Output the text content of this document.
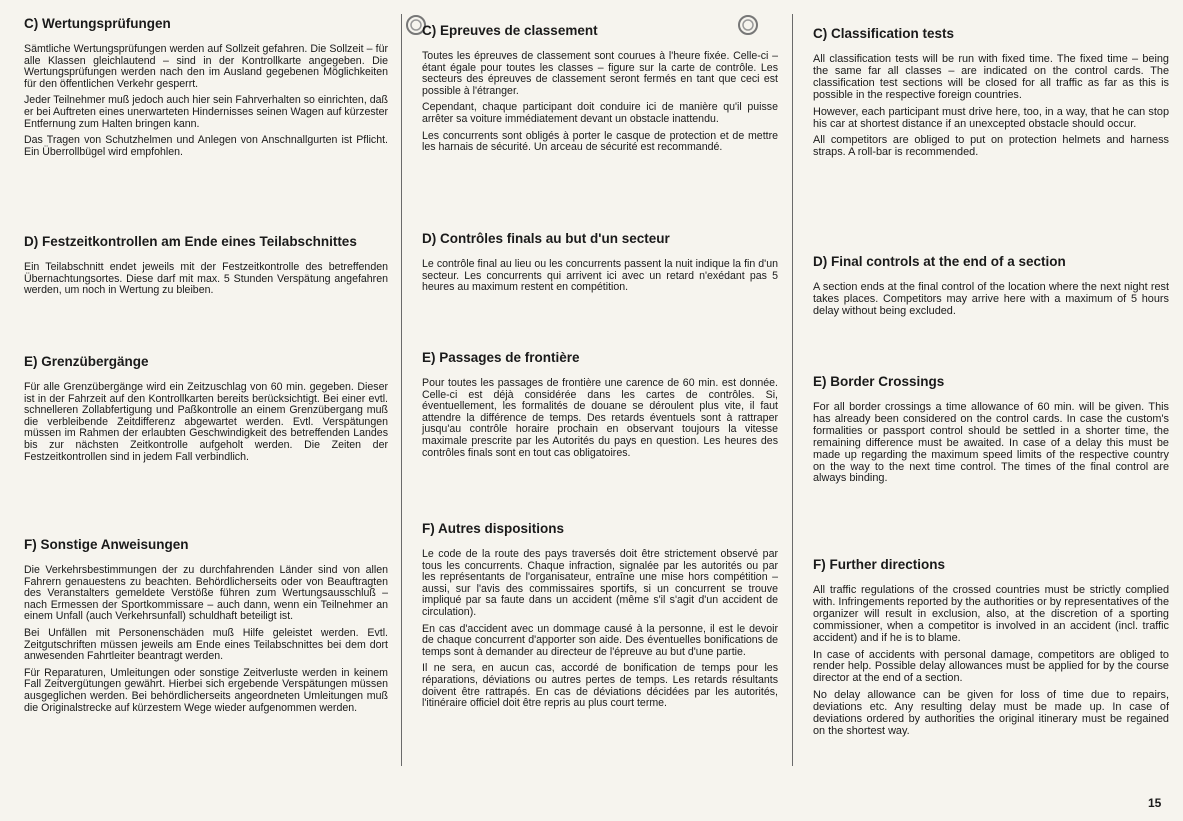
C) Wertungsprüfungen

Sämtliche Wertungsprüfungen werden auf Sollzeit gefahren. Die Sollzeit – für alle Klassen gleichlautend – sind in der Kontrollkarte angegeben. Die Wertungsprüfungen werden nach den im Ausland gegebenen Möglichkeiten für den öffentlichen Verkehr gesperrt.

Jeder Teilnehmer muß jedoch auch hier sein Fahrverhalten so einrichten, daß er bei Auftreten eines unerwarteten Hindernisses seinen Wagen auf kürzester Entfernung zum Halten bringen kann.

Das Tragen von Schutzhelmen und Anlegen von Anschnallgurten ist Pflicht. Ein Überrollbügel wird empfohlen.

D) Festzeitkontrollen am Ende eines Teilabschnittes

Ein Teilabschnitt endet jeweils mit der Festzeitkontrolle des betreffenden Übernachtungsortes. Diese darf mit max. 5 Stunden Verspätung angefahren werden, um noch in Wertung zu bleiben.

E) Grenzübergänge

Für alle Grenzübergänge wird ein Zeitzuschlag von 60 min. gegeben. Dieser ist in der Fahrzeit auf den Kontrollkarten bereits berücksichtigt. Bei einer evtl. schnelleren Zollabfertigung und Paßkontrolle an einem Grenzübergang muß die verbleibende Zeitdifferenz abgewartet werden. Evtl. Verspätungen müssen im Rahmen der erlaubten Geschwindigkeit des betreffenden Landes bis zur nächsten Zeitkontrolle aufgeholt werden. Die Zeiten der Festzeitkontrollen sind in jedem Fall verbindlich.

F) Sonstige Anweisungen

Die Verkehrsbestimmungen der zu durchfahrenden Länder sind von allen Fahrern genauestens zu beachten. Behördlicherseits oder von Beauftragten des Veranstalters gemeldete Verstöße führen zum Wertungsausschluß – nach Ermessen der Sportkommissare – auch dann, wenn ein Teilnehmer an einem Unfall (auch Verkehrsunfall) schuldhaft beteiligt ist.

Bei Unfällen mit Personenschäden muß Hilfe geleistet werden. Evtl. Zeitgutschriften müssen jeweils am Ende eines Teilabschnittes bei dem dort anwesenden Fahrtleiter beantragt werden.

Für Reparaturen, Umleitungen oder sonstige Zeitverluste werden in keinem Fall Zeitvergütungen gewährt. Hierbei sich ergebende Verspätungen müssen ausgeglichen werden. Bei behördlicherseits angeordneten Umleitungen muß die Originalstrecke auf kürzestem Wege wieder aufgenommen werden.

C) Epreuves de classement

Toutes les épreuves de classement sont courues à l'heure fixée. Celle-ci – étant égale pour toutes les classes – figure sur la carte de contrôle. Les secteurs des épreuves de classement seront fermés en tant que ceci est possible à l'étranger.

Cependant, chaque participant doit conduire ici de manière qu'il puisse arrêter sa voiture immédiatement devant un obstacle inattendu.

Les concurrents sont obligés à porter le casque de protection et de mettre les harnais de sécurité. Un arceau de sécurité est recommandé.

D) Contrôles finals au but d'un secteur

Le contrôle final au lieu ou les concurrents passent la nuit indique la fin d'un secteur. Les concurrents qui arrivent ici avec un retard n'exédant pas 5 heures au maximum restent en compétition.

E) Passages de frontière

Pour toutes les passages de frontière une carence de 60 min. est donnée. Celle-ci est déjà considérée dans les cartes de contrôles. Si, éventuellement, les formalités de douane se déroulent plus vite, il faut attendre la différence de temps. Des retards éventuels sont à rattraper jusqu'au contrôle horaire prochain en observant toujours la vitesse maximale prescrite par les Autorités du pays en question. Les heures des contrôles finals sont en tout cas obligatoires.

F) Autres dispositions

Le code de la route des pays traversés doit être strictement observé par tous les concurrents. Chaque infraction, signalée par les autorités ou par les représentants de l'organisateur, entraîne une mise hors compétition – aussi, sur l'avis des commissaires sportifs, si un concurrent se trouve impliqué par sa faute dans un accident (même s'il s'agit d'un accident de circulation).

En cas d'accident avec un dommage causé à la personne, il est le devoir de chaque concurrent d'apporter son aide. Des éventuelles bonifications de temps sont à demander au directeur de l'épreuve au but d'une partie.

Il ne sera, en aucun cas, accordé de bonification de temps pour les réparations, déviations ou autres pertes de temps. Les retards résultants doivent être rattrapés. En cas de déviations décidées par les autorités, l'itinéraire officiel doit être repris au plus court terme.

C) Classification tests

All classification tests will be run with fixed time. The fixed time – being the same far all classes – are indicated on the control cards. The classification test sections will be closed for all traffic as far as this is possible in the respective foreign countries.

However, each participant must drive here, too, in a way, that he can stop his car at shortest distance if an unexcepted obstacle should occur.

All competitors are obliged to put on protection helmets and harness straps. A roll-bar is recommended.

D) Final controls at the end of a section

A section ends at the final control of the location where the next night rest takes places. Competitors may arrive here with a maximum of 5 hours delay without being excluded.

E) Border Crossings

For all border crossings a time allowance of 60 min. will be given. This has already been considered on the control cards. In case the custom's formalities or passport control should be settled in a shorter time, the remaining difference must be awaited. In case of a delay this must be made up regarding the maximum speed limits of the respective country on the way to the next time control. The times of the final control are always binding.

F) Further directions

All traffic regulations of the crossed countries must be strictly complied with. Infringements reported by the authorities or by representatives of the organizer will result in exclusion, also, at the discretion of a sporting commissioner, when a competitor is involved in an accident (incl. traffic accident) and if he is to blame.

In case of accidents with personal damage, competitors are obliged to render help. Possible delay allowances must be applied for by the course director at the end of a section.

No delay allowance can be given for loss of time due to repairs, deviations etc. Any resulting delay must be made up. In case of deviations ordered by authorities the original itinerary must be regained on the shortest way.

15
